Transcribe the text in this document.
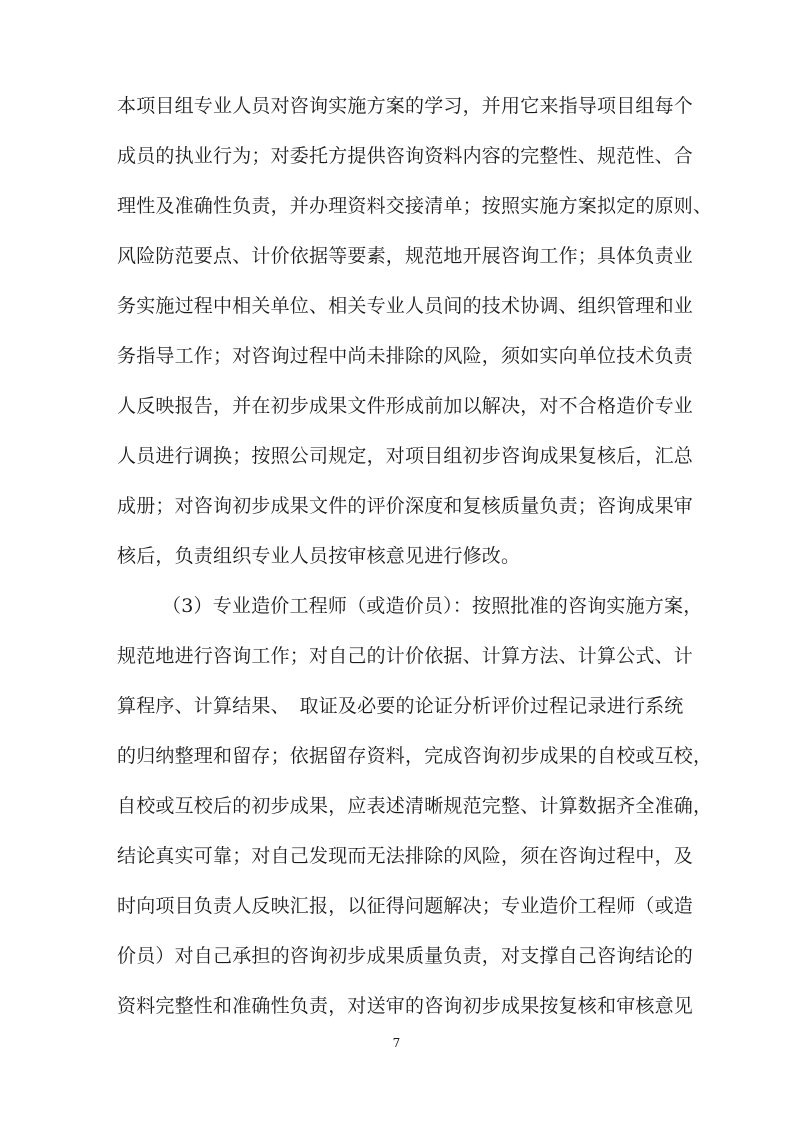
本项目组专业人员对咨询实施方案的学习，并用它来指导项目组每个
成员的执业行为；对委托方提供咨询资料内容的完整性、规范性、合
理性及准确性负责，并办理资料交接清单；按照实施方案拟定的原则、
风险防范要点、计价依据等要素，规范地开展咨询工作；具体负责业
务实施过程中相关单位、相关专业人员间的技术协调、组织管理和业
务指导工作；对咨询过程中尚未排除的风险，须如实向单位技术负责
人反映报告，并在初步成果文件形成前加以解决，对不合格造价专业
人员进行调换；按照公司规定，对项目组初步咨询成果复核后，汇总
成册；对咨询初步成果文件的评价深度和复核质量负责；咨询成果审
核后，负责组织专业人员按审核意见进行修改。
（3）专业造价工程师（或造价员）：按照批准的咨询实施方案，
规范地进行咨询工作；对自己的计价依据、计算方法、计算公式、计
算程序、计算结果、　取证及必要的论证分析评价过程记录进行系统
的归纳整理和留存；依据留存资料，完成咨询初步成果的自校或互校，
自校或互校后的初步成果，应表述清晰规范完整、计算数据齐全准确，
结论真实可靠；对自己发现而无法排除的风险，须在咨询过程中，及
时向项目负责人反映汇报，以征得问题解决；专业造价工程师（或造
价员）对自己承担的咨询初步成果质量负责，对支撑自己咨询结论的
资料完整性和准确性负责，对送审的咨询初步成果按复核和审核意见
7
